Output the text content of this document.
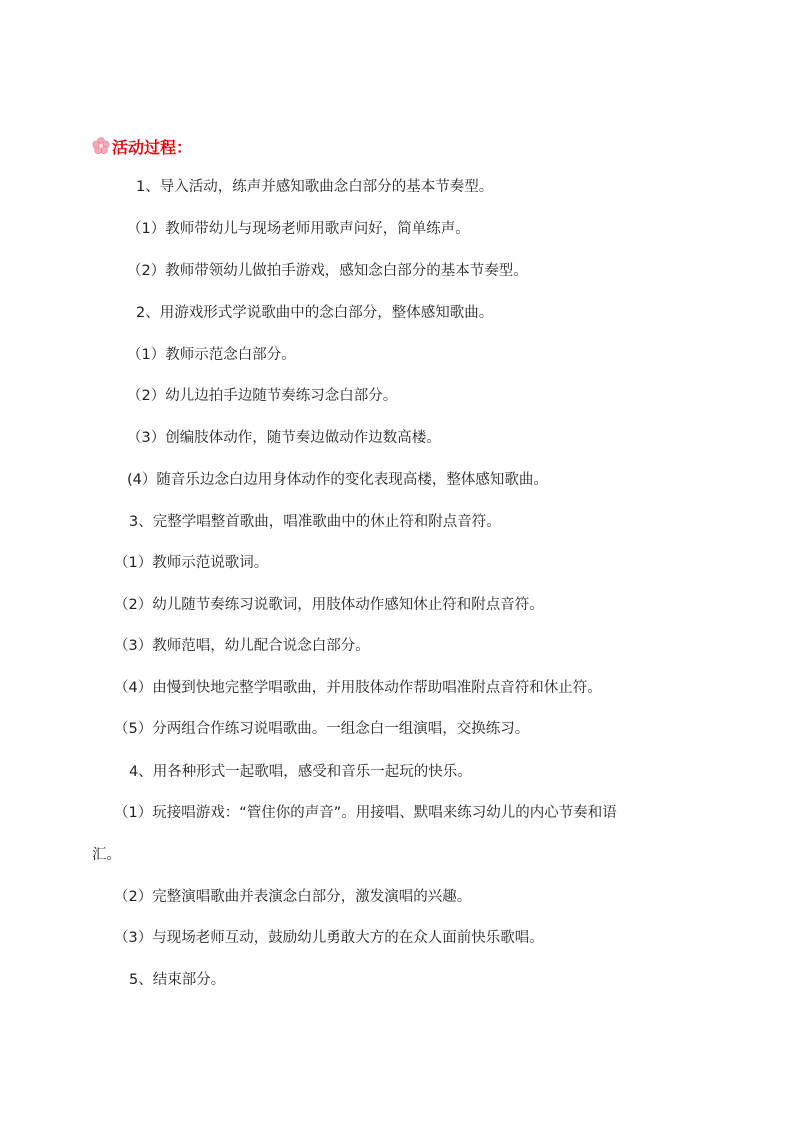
活动过程：
1、导入活动，练声并感知歌曲念白部分的基本节奏型。
（1）教师带幼儿与现场老师用歌声问好，简单练声。
（2）教师带领幼儿做拍手游戏，感知念白部分的基本节奏型。
2、用游戏形式学说歌曲中的念白部分，整体感知歌曲。
（1）教师示范念白部分。
（2）幼儿边拍手边随节奏练习念白部分。
（3）创编肢体动作，随节奏边做动作边数高楼。
(4）随音乐边念白边用身体动作的变化表现高楼，整体感知歌曲。
3、完整学唱整首歌曲，唱准歌曲中的休止符和附点音符。
（1）教师示范说歌词。
（2）幼儿随节奏练习说歌词，用肢体动作感知休止符和附点音符。
（3）教师范唱，幼儿配合说念白部分。
（4）由慢到快地完整学唱歌曲，并用肢体动作帮助唱准附点音符和休止符。
（5）分两组合作练习说唱歌曲。一组念白一组演唱，交换练习。
4、用各种形式一起歌唱，感受和音乐一起玩的快乐。
（1）玩接唱游戏：“管住你的声音”。用接唱、默唱来练习幼儿的内心节奏和语
汇。
（2）完整演唱歌曲并表演念白部分，激发演唱的兴趣。
（3）与现场老师互动，鼓励幼儿勇敢大方的在众人面前快乐歌唱。
5、结束部分。
